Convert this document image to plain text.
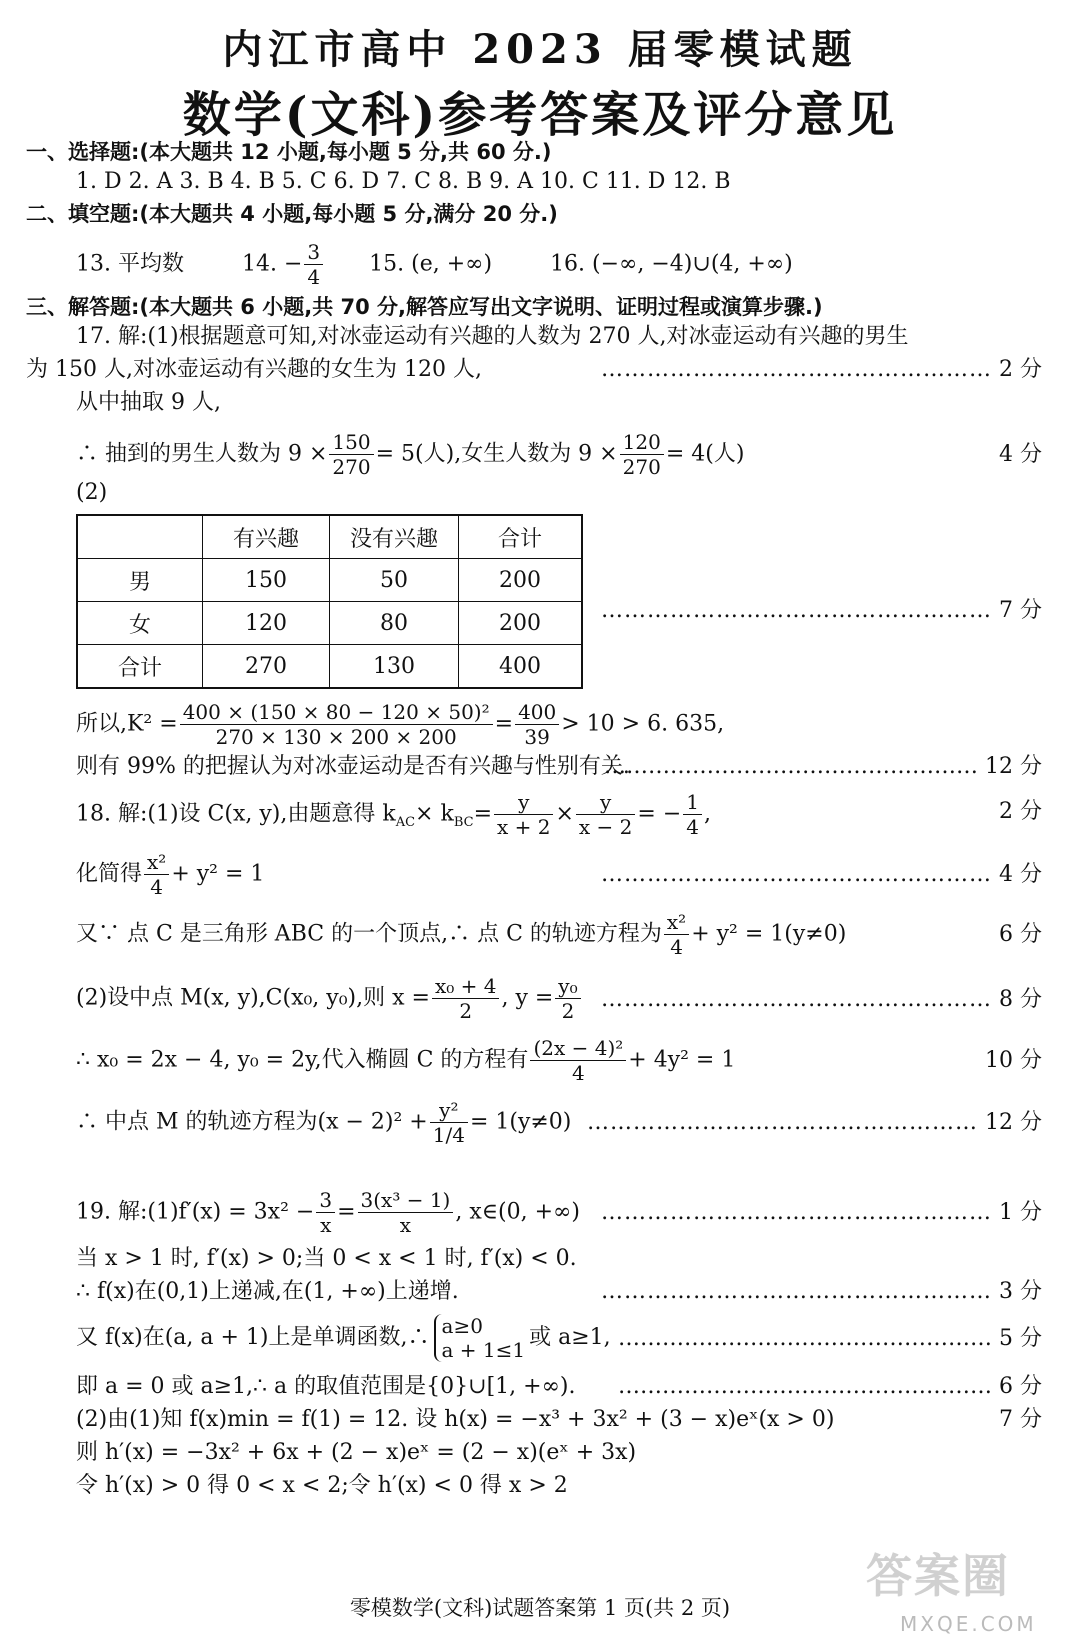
内江市高中 2023 届零模试题
数学(文科)参考答案及评分意见
一、选择题:(本大题共 12 小题,每小题 5 分,共 60 分.)
1. D 2. A 3. B 4. B 5. C 6. D 7. C 8. B 9. A 10. C 11. D 12. B
二、填空题:(本大题共 4 小题,每小题 5 分,满分 20 分.)
13. 平均数	14. − $\frac{3}{4} 15$. (e, +∞)	16. (−∞, −4)∪(4, +∞)
三、解答题:(本大题共 6 小题,共 70 分,解答应写出文字说明、证明过程或演算步骤.)
17. 解:(1)根据题意可知,对冰壶运动有兴趣的人数为 270 人,对冰壶运动有兴趣的男生
为 150 人,对冰壶运动有兴趣的女生为 120 人,	…………………………………………… 2 分
从中抽取 9 人,
∴ 抽到的男生人数为 $9 \times \frac{150}{270} = 5$(人),女生人数为 $9 \times \frac{120}{270} = 4$(人)	4 分
(2)
	有兴趣	没有兴趣	合计
男	150	50	200
女	120	80	200
合计	270	130	400
…………………………………………… 7 分
所以$,K^2 = \frac{\text{400 × (150 × 80 − 120 × 50)²}}{270 \times 130 \times 200 \times 200} = \frac{400}{39} > 10 > 6$. 635,
则有 99% 的把握认为对冰壶运动是否有兴趣与性别有关.
…………………………………………… 12 分
18. 解:(1)设 C(x, y),由题意得 $k_{AC}\times k_{BC}= \frac{y}{x + 2} \times \frac{y}{x - 2}$ = − $\frac{1}{4}$ ,	2 分
化简得 $\frac{\text{x²}}{4} + y^2 = 1$	…………………………………………… 4 分
又∵ 点 C 是三角形 ABC 的一个顶点,∴ 点 C 的轨迹方程为 $\frac{\text{x²}}{4} + y^2 = 1(y\ne 0)$	6 分
(2)设中点 M(x, y),C(x₀, y₀),则 $x = \frac{\text{x₀ + 4}}{2}$ , $y = \frac{\text{y₀}}{2}$ …………………………………………… 8 分
∴ x₀ = 2x − 4, y₀ = 2y,代入椭圆 C 的方程有 $\frac{\text{(2x − 4)²}}{4} + 4y^2 = 1$	10 分
∴ 中点 M 的轨迹方程为$(x - 2)^2 + \frac{\text{y²}}{1/4} = 1(y\ne 0)$ …………………………………………… 12 分
19. 解:(1)f′(x) = $3x^2 - \frac{3}{x} = \frac{\text{3(x³ − 1)}}{x}$ , x∈(0, +∞) …………………………………………… 1 分
当 x > 1 时, f′(x) > 0;当 0 < x < 1 时, f′(x) < 0.
∴ f(x)在(0,1)上递减,在(1, +∞)上递增.	…………………………………………… 3 分
又 f(x)在(a, a + 1)上是单调函数,∴ a≥0
a + 1≤1 或 a≥1, …………………………………………… 5 分
即 a = 0 或 a≥1,∴ a 的取值范围是{0}∪[1, +∞). …………………………………………… 6 分
(2)由(1)知 f(x)min = f(1) = 12. 设 h(x) = −x³ + 3x² + (3 − x)eˣ(x > 0)	7 分
则 h′(x) = −3x² + 6x + (2 − x)eˣ = (2 − x)(eˣ + 3x)
令 h′(x) > 0 得 0 < x < 2;令 h′(x) < 0 得 x > 2
答案圈
MXQE.COM
零模数学(文科)试题答案第 1 页(共 2 页)
